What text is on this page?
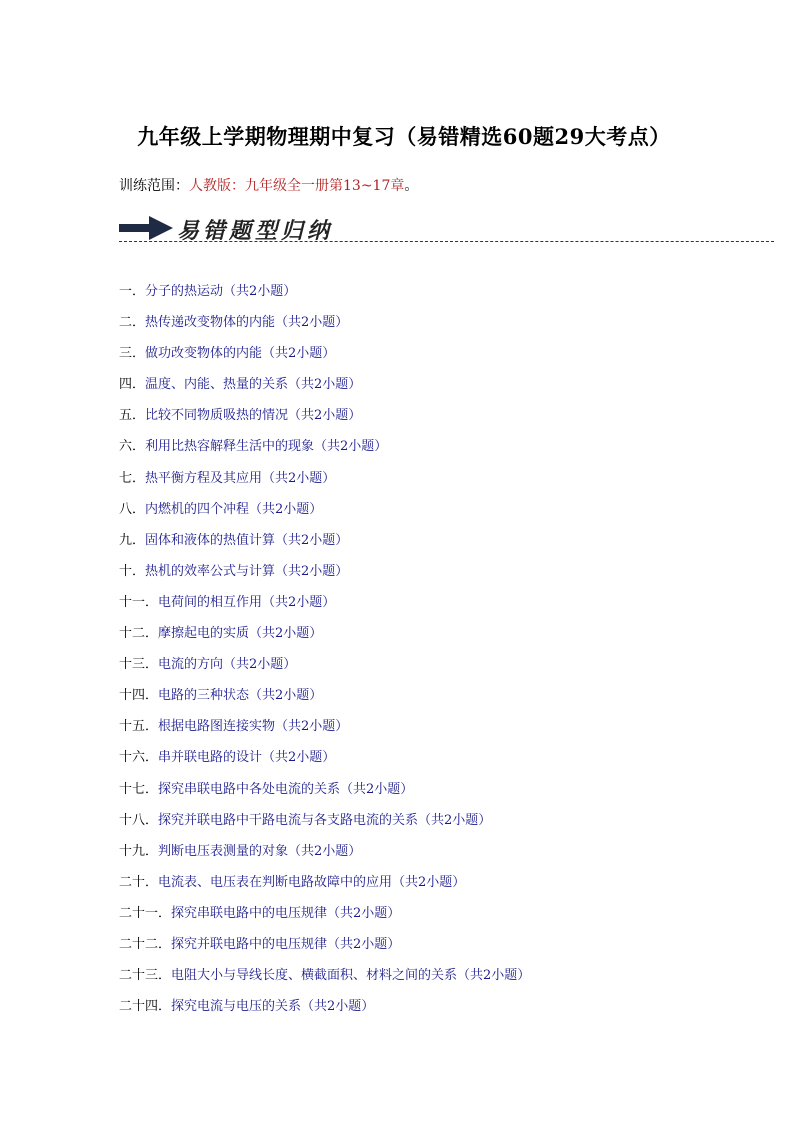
九年级上学期物理期中复习（易错精选60题29大考点）
训练范围：人教版：九年级全一册第13~17章。
易错题型归纳
一．分子的热运动（共2小题）
二．热传递改变物体的内能（共2小题）
三．做功改变物体的内能（共2小题）
四．温度、内能、热量的关系（共2小题）
五．比较不同物质吸热的情况（共2小题）
六．利用比热容解释生活中的现象（共2小题）
七．热平衡方程及其应用（共2小题）
八．内燃机的四个冲程（共2小题）
九．固体和液体的热值计算（共2小题）
十．热机的效率公式与计算（共2小题）
十一．电荷间的相互作用（共2小题）
十二．摩擦起电的实质（共2小题）
十三．电流的方向（共2小题）
十四．电路的三种状态（共2小题）
十五．根据电路图连接实物（共2小题）
十六．串并联电路的设计（共2小题）
十七．探究串联电路中各处电流的关系（共2小题）
十八．探究并联电路中干路电流与各支路电流的关系（共2小题）
十九．判断电压表测量的对象（共2小题）
二十．电流表、电压表在判断电路故障中的应用（共2小题）
二十一．探究串联电路中的电压规律（共2小题）
二十二．探究并联电路中的电压规律（共2小题）
二十三．电阻大小与导线长度、横截面积、材料之间的关系（共2小题）
二十四．探究电流与电压的关系（共2小题）
